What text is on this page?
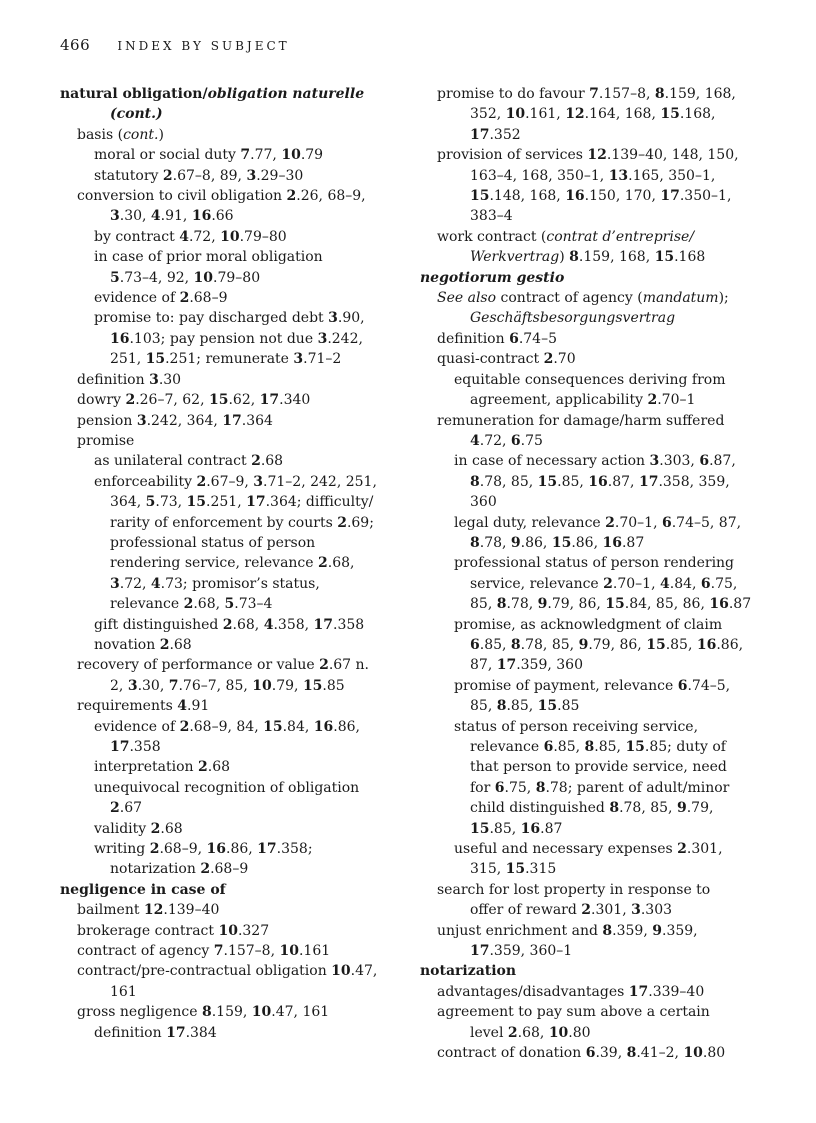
466 INDEX BY SUBJECT
natural obligation/obligation naturelle
(cont.)
basis (cont.)
moral or social duty 7.77, 10.79
statutory 2.67–8, 89, 3.29–30
conversion to civil obligation 2.26, 68–9,
3.30, 4.91, 16.66
by contract 4.72, 10.79–80
in case of prior moral obligation
5.73–4, 92, 10.79–80
evidence of 2.68–9
promise to: pay discharged debt 3.90,
16.103; pay pension not due 3.242,
251, 15.251; remunerate 3.71–2
definition 3.30
dowry 2.26–7, 62, 15.62, 17.340
pension 3.242, 364, 17.364
promise
as unilateral contract 2.68
enforceability 2.67–9, 3.71–2, 242, 251,
364, 5.73, 15.251, 17.364; difficulty/
rarity of enforcement by courts 2.69;
professional status of person
rendering service, relevance 2.68,
3.72, 4.73; promisor’s status,
relevance 2.68, 5.73–4
gift distinguished 2.68, 4.358, 17.358
novation 2.68
recovery of performance or value 2.67 n.
2, 3.30, 7.76–7, 85, 10.79, 15.85
requirements 4.91
evidence of 2.68–9, 84, 15.84, 16.86,
17.358
interpretation 2.68
unequivocal recognition of obligation
2.67
validity 2.68
writing 2.68–9, 16.86, 17.358;
notarization 2.68–9
negligence in case of
bailment 12.139–40
brokerage contract 10.327
contract of agency 7.157–8, 10.161
contract/pre-contractual obligation 10.47,
161
gross negligence 8.159, 10.47, 161
definition 17.384
promise to do favour 7.157–8, 8.159, 168,
352, 10.161, 12.164, 168, 15.168,
17.352
provision of services 12.139–40, 148, 150,
163–4, 168, 350–1, 13.165, 350–1,
15.148, 168, 16.150, 170, 17.350–1,
383–4
work contract (contrat d’entreprise/
Werkvertrag) 8.159, 168, 15.168
negotiorum gestio
See also contract of agency (mandatum);
Geschäftsbesorgungsvertrag
definition 6.74–5
quasi-contract 2.70
equitable consequences deriving from
agreement, applicability 2.70–1
remuneration for damage/harm suffered
4.72, 6.75
in case of necessary action 3.303, 6.87,
8.78, 85, 15.85, 16.87, 17.358, 359, 360
legal duty, relevance 2.70–1, 6.74–5, 87,
8.78, 9.86, 15.86, 16.87
professional status of person rendering
service, relevance 2.70–1, 4.84, 6.75,
85, 8.78, 9.79, 86, 15.84, 85, 86, 16.87
promise, as acknowledgment of claim
6.85, 8.78, 85, 9.79, 86, 15.85, 16.86,
87, 17.359, 360
promise of payment, relevance 6.74–5,
85, 8.85, 15.85
status of person receiving service,
relevance 6.85, 8.85, 15.85; duty of
that person to provide service, need
for 6.75, 8.78; parent of adult/minor
child distinguished 8.78, 85, 9.79,
15.85, 16.87
useful and necessary expenses 2.301,
315, 15.315
search for lost property in response to
offer of reward 2.301, 3.303
unjust enrichment and 8.359, 9.359,
17.359, 360–1
notarization
advantages/disadvantages 17.339–40
agreement to pay sum above a certain
level 2.68, 10.80
contract of donation 6.39, 8.41–2, 10.80
